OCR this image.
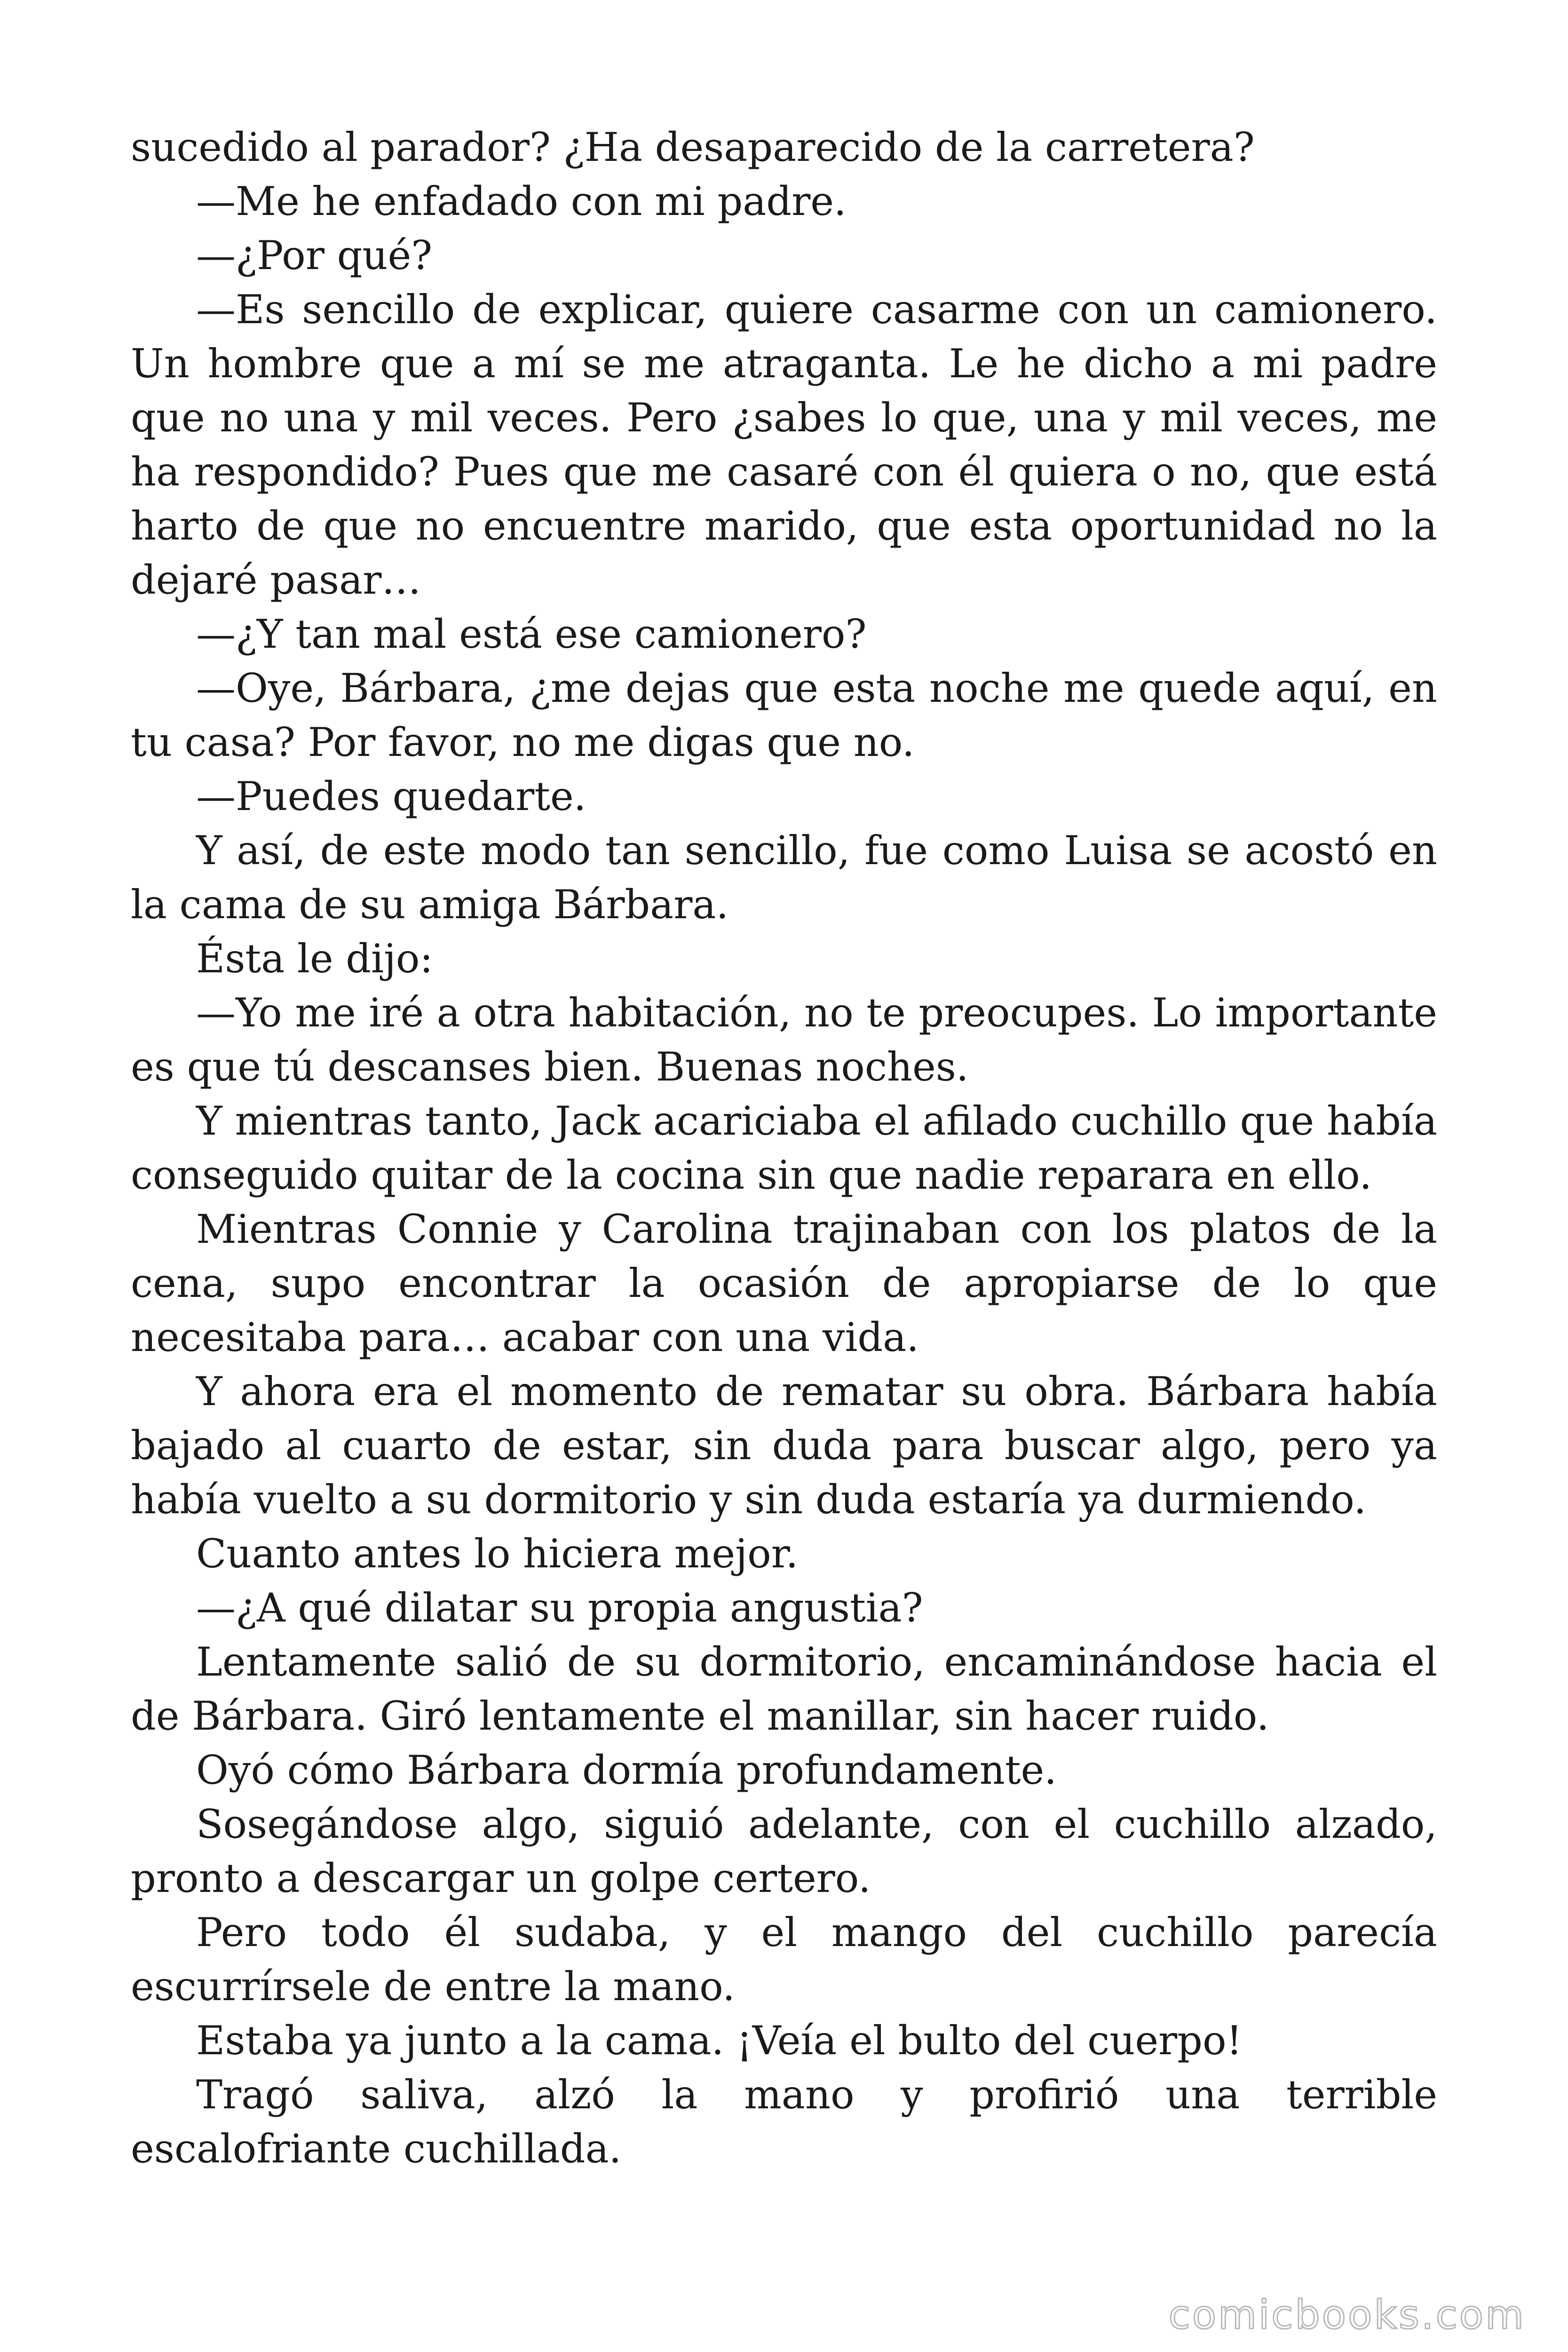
sucedido al parador? ¿Ha desaparecido de la carretera?

—Me he enfadado con mi padre.

—¿Por qué?

—Es sencillo de explicar, quiere casarme con un camionero. Un hombre que a mí se me atraganta. Le he dicho a mi padre que no una y mil veces. Pero ¿sabes lo que, una y mil veces, me ha respondido? Pues que me casaré con él quiera o no, que está harto de que no encuentre marido, que esta oportunidad no la dejaré pasar…

—¿Y tan mal está ese camionero?

—Oye, Bárbara, ¿me dejas que esta noche me quede aquí, en tu casa? Por favor, no me digas que no.

—Puedes quedarte.

Y así, de este modo tan sencillo, fue como Luisa se acostó en la cama de su amiga Bárbara.

Ésta le dijo:

—Yo me iré a otra habitación, no te preocupes. Lo importante es que tú descanses bien. Buenas noches.

Y mientras tanto, Jack acariciaba el afilado cuchillo que había conseguido quitar de la cocina sin que nadie reparara en ello.

Mientras Connie y Carolina trajinaban con los platos de la cena, supo encontrar la ocasión de apropiarse de lo que necesitaba para… acabar con una vida.

Y ahora era el momento de rematar su obra. Bárbara había bajado al cuarto de estar, sin duda para buscar algo, pero ya había vuelto a su dormitorio y sin duda estaría ya durmiendo.

Cuanto antes lo hiciera mejor.

—¿A qué dilatar su propia angustia?

Lentamente salió de su dormitorio, encaminándose hacia el de Bárbara. Giró lentamente el manillar, sin hacer ruido.

Oyó cómo Bárbara dormía profundamente.

Sosegándose algo, siguió adelante, con el cuchillo alzado, pronto a descargar un golpe certero.

Pero todo él sudaba, y el mango del cuchillo parecía escurrírsele de entre la mano.

Estaba ya junto a la cama. ¡Veía el bulto del cuerpo!

Tragó saliva, alzó la mano y profirió una terrible escalofriante cuchillada.

comicbooks.com
